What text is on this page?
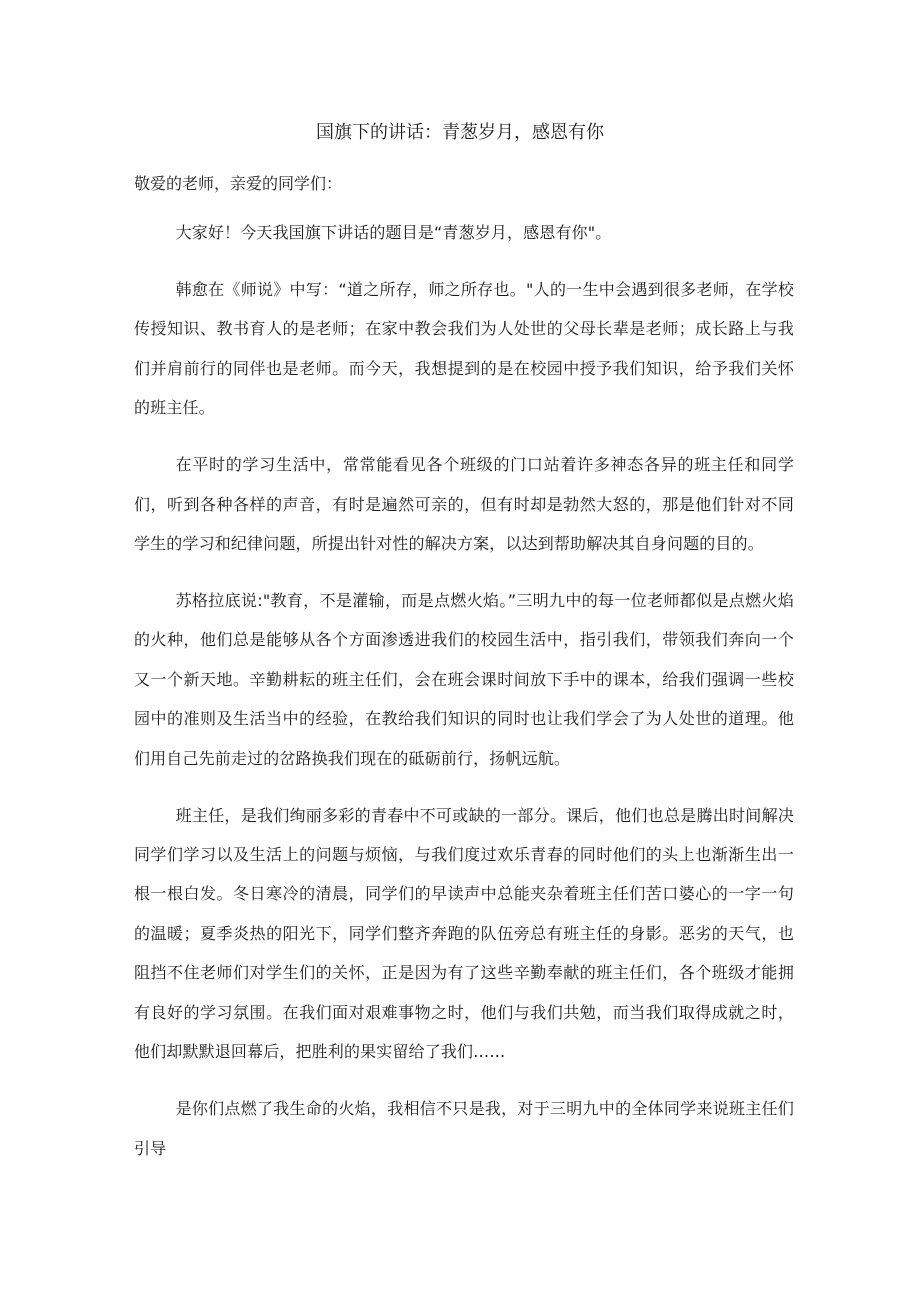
国旗下的讲话：青葱岁月，感恩有你

敬爱的老师，亲爱的同学们：

大家好！今天我国旗下讲话的题目是“青葱岁月，感恩有你"。

韩愈在《师说》中写：“道之所存，师之所存也。"人的一生中会遇到很多老师，在学校传授知识、教书育人的是老师；在家中教会我们为人处世的父母长辈是老师；成长路上与我们并肩前行的同伴也是老师。而今天，我想提到的是在校园中授予我们知识，给予我们关怀的班主任。

在平时的学习生活中，常常能看见各个班级的门口站着许多神态各异的班主任和同学们，听到各种各样的声音，有时是遍然可亲的，但有时却是勃然大怒的，那是他们针对不同学生的学习和纪律问题，所提出针对性的解决方案，以达到帮助解决其自身问题的目的。

苏格拉底说:"教育，不是灌输，而是点燃火焰。”三明九中的每一位老师都似是点燃火焰的火种，他们总是能够从各个方面渗透进我们的校园生活中，指引我们，带领我们奔向一个又一个新天地。辛勤耕耘的班主任们，会在班会课时间放下手中的课本，给我们强调一些校园中的准则及生活当中的经验，在教给我们知识的同时也让我们学会了为人处世的道理。他们用自己先前走过的岔路换我们现在的砥砺前行，扬帆远航。

班主任，是我们绚丽多彩的青春中不可或缺的一部分。课后，他们也总是腾出时间解决同学们学习以及生活上的问题与烦恼，与我们度过欢乐青春的同时他们的头上也渐渐生出一根一根白发。冬日寒冷的清晨，同学们的早读声中总能夹杂着班主任们苦口婆心的一字一句的温暖；夏季炎热的阳光下，同学们整齐奔跑的队伍旁总有班主任的身影。恶劣的天气，也阻挡不住老师们对学生们的关怀，正是因为有了这些辛勤奉献的班主任们，各个班级才能拥有良好的学习氛围。在我们面对艰难事物之时，他们与我们共勉，而当我们取得成就之时，他们却默默退回幕后，把胜利的果实留给了我们……

是你们点燃了我生命的火焰，我相信不只是我，对于三明九中的全体同学来说班主任们引导
